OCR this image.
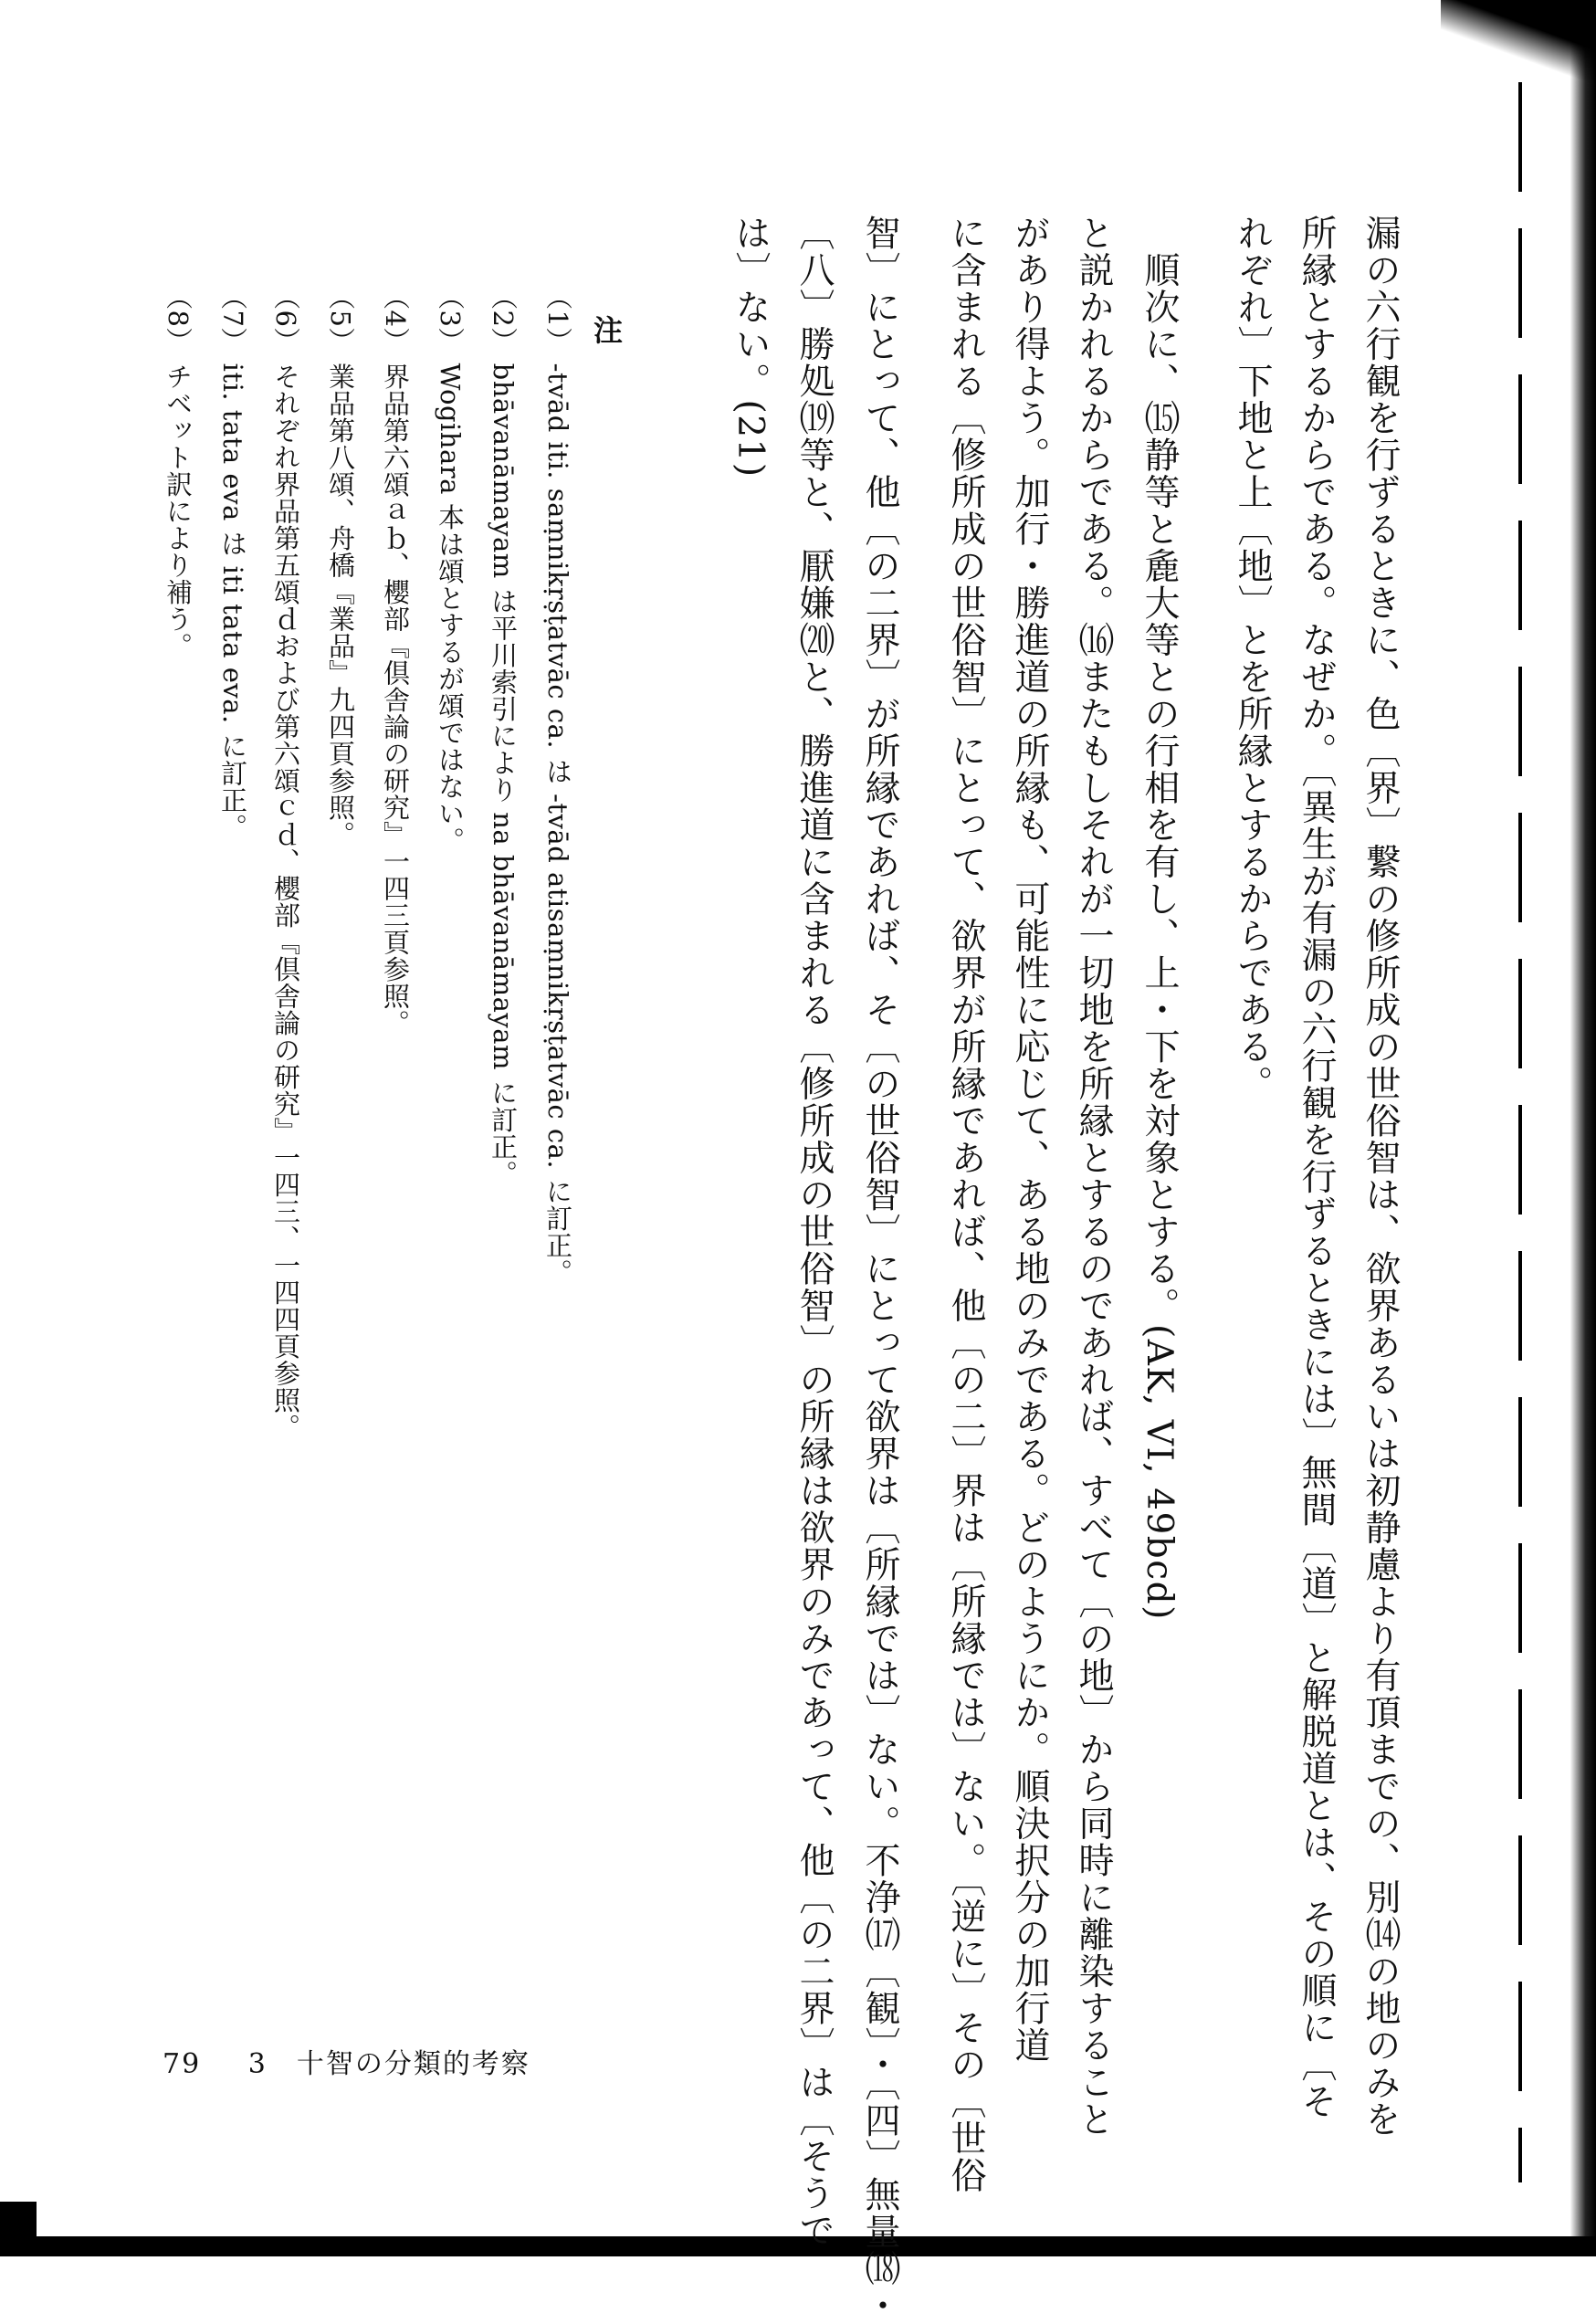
漏の六行観を行ずるときに、色〔界〕繋の修所成の世俗智は、欲界あるいは初静慮より有頂までの、別⒁の地のみを
所縁とするからである。なぜか。〔異生が有漏の六行観を行ずるときには〕無間〔道〕と解脱道とは、その順に〔そ
れぞれ〕下地と上〔地〕とを所縁とするからである。
　順次に、⒂静等と麁大等との行相を有し、上・下を対象とする。(AK, VI, 49bcd)
と説かれるからである。⒃またもしそれが一切地を所縁とするのであれば、すべて〔の地〕から同時に離染すること
があり得よう。加行・勝進道の所縁も、可能性に応じて、ある地のみである。どのようにか。順決択分の加行道
に含まれる〔修所成の世俗智〕にとって、欲界が所縁であれば、他〔の二〕界は〔所縁では〕ない。〔逆に〕その〔世俗
智〕にとって、他〔の二界〕が所縁であれば、そ〔の世俗智〕にとって欲界は〔所縁では〕ない。不浄⒄〔観〕・〔四〕無量⒅・
〔八〕勝処⒆等と、厭嫌⒇と、勝進道に含まれる〔修所成の世俗智〕の所縁は欲界のみであって、他〔の二界〕は〔そうで
は〕ない。(21)
注
（1） -tvād iti. saṃnikṛṣṭatvāc ca. は -tvād atisaṃnikṛṣṭatvāc ca. に訂正。
（2） bhāvanāmayam は平川索引により na bhāvanāmayam に訂正。
（3） Wogihara 本は頌とするが頌ではない。
（4） 界品第六頌ａｂ、櫻部『倶舎論の研究』一四三頁参照。
（5） 業品第八頌、舟橋『業品』九四頁参照。
（6） それぞれ界品第五頌ｄおよび第六頌ｃｄ、櫻部『倶舎論の研究』一四三、一四四頁参照。
（7） iti. tata eva は iti tata eva. に訂正。
（8） チベット訳により補う。
79 3　十智の分類的考察
